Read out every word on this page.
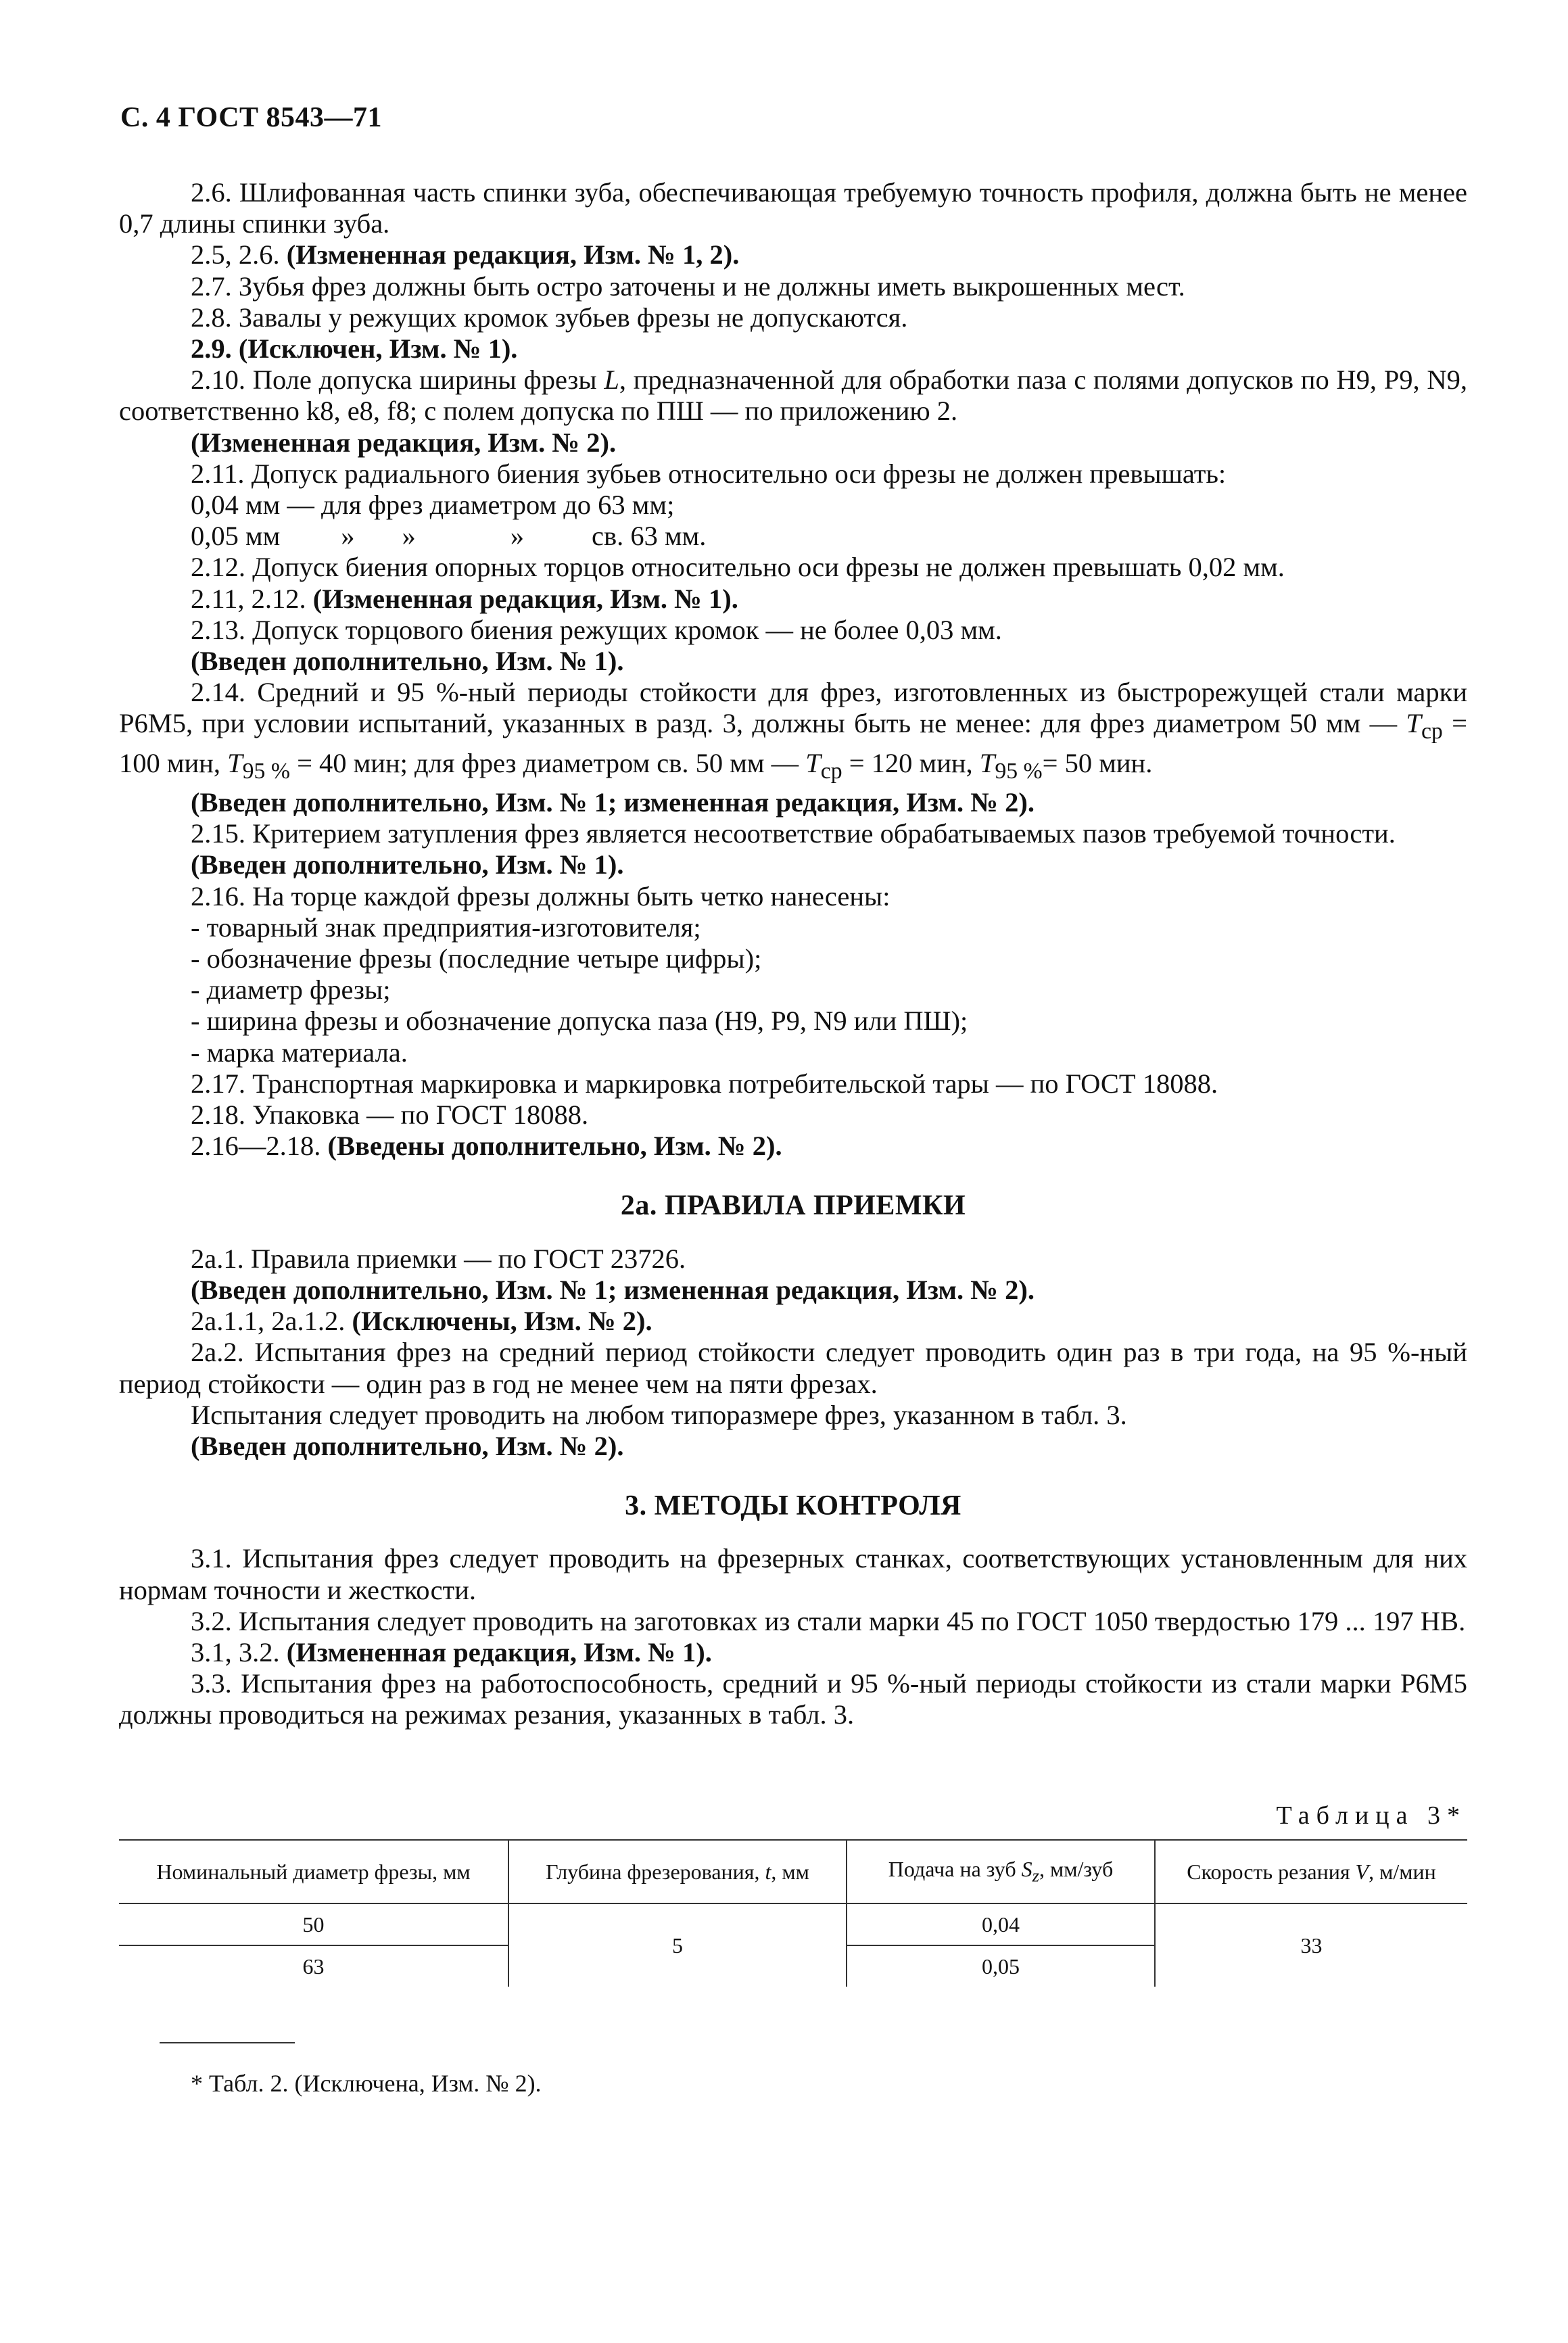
С. 4 ГОСТ 8543—71

2.6. Шлифованная часть спинки зуба, обеспечивающая требуемую точность профиля, должна быть не менее 0,7 длины спинки зуба.

2.5, 2.6. (Измененная редакция, Изм. № 1, 2).

2.7. Зубья фрез должны быть остро заточены и не должны иметь выкрошенных мест.

2.8. Завалы у режущих кромок зубьев фрезы не допускаются.

2.9. (Исключен, Изм. № 1).

2.10. Поле допуска ширины фрезы L, предназначенной для обработки паза с полями допусков по Н9, Р9, N9, соответственно k8, е8, f8; с полем допуска по ПШ — по приложению 2.

(Измененная редакция, Изм. № 2).

2.11. Допуск радиального биения зубьев относительно оси фрезы не должен превышать:

0,04 мм — для фрез диаметром до 63 мм;

0,05 мм » »	» св. 63 мм.

2.12. Допуск биения опорных торцов относительно оси фрезы не должен превышать 0,02 мм.

2.11, 2.12. (Измененная редакция, Изм. № 1).

2.13. Допуск торцового биения режущих кромок — не более 0,03 мм.

(Введен дополнительно, Изм. № 1).

2.14. Средний и 95 %-ный периоды стойкости для фрез, изготовленных из быстрорежущей стали марки Р6М5, при условии испытаний, указанных в разд. 3, должны быть не менее: для фрез диаметром 50 мм — $T_{ср} = 100$ мин, $T_{95 \%} = 40$ мин; для фрез диаметром св. 50 мм — $T_{ср} = 120$ мин, $T_{95 \%}= 50$ мин.

(Введен дополнительно, Изм. № 1; измененная редакция, Изм. № 2).

2.15. Критерием затупления фрез является несоответствие обрабатываемых пазов требуемой точности.

(Введен дополнительно, Изм. № 1).

2.16. На торце каждой фрезы должны быть четко нанесены:

- товарный знак предприятия-изготовителя;

- обозначение фрезы (последние четыре цифры);

- диаметр фрезы;

- ширина фрезы и обозначение допуска паза (Н9, Р9, N9 или ПШ);

- марка материала.

2.17. Транспортная маркировка и маркировка потребительской тары — по ГОСТ 18088.

2.18. Упаковка — по ГОСТ 18088.

2.16—2.18. (Введены дополнительно, Изм. № 2).

2а. ПРАВИЛА ПРИЕМКИ

2а.1. Правила приемки — по ГОСТ 23726.

(Введен дополнительно, Изм. № 1; измененная редакция, Изм. № 2).

2а.1.1, 2а.1.2. (Исключены, Изм. № 2).

2а.2. Испытания фрез на средний период стойкости следует проводить один раз в три года, на 95 %-ный период стойкости — один раз в год не менее чем на пяти фрезах.

Испытания следует проводить на любом типоразмере фрез, указанном в табл. 3.

(Введен дополнительно, Изм. № 2).

3. МЕТОДЫ КОНТРОЛЯ

3.1. Испытания фрез следует проводить на фрезерных станках, соответствующих установленным для них нормам точности и жесткости.

3.2. Испытания следует проводить на заготовках из стали марки 45 по ГОСТ 1050 твердостью 179 ... 197 НВ.

3.1, 3.2. (Измененная редакция, Изм. № 1).

3.3. Испытания фрез на работоспособность, средний и 95 %-ный периоды стойкости из стали марки Р6М5 должны проводиться на режимах резания, указанных в табл. 3.

Таблица 3*
Номинальный диаметр фрезы, мм	Глубина фрезерования, t, мм	Подача на зуб $S_z$, мм/зуб	Скорость резания V, м/мин
50	5	0,04	33
63		0,05	
* Табл. 2. (Исключена, Изм. № 2).
